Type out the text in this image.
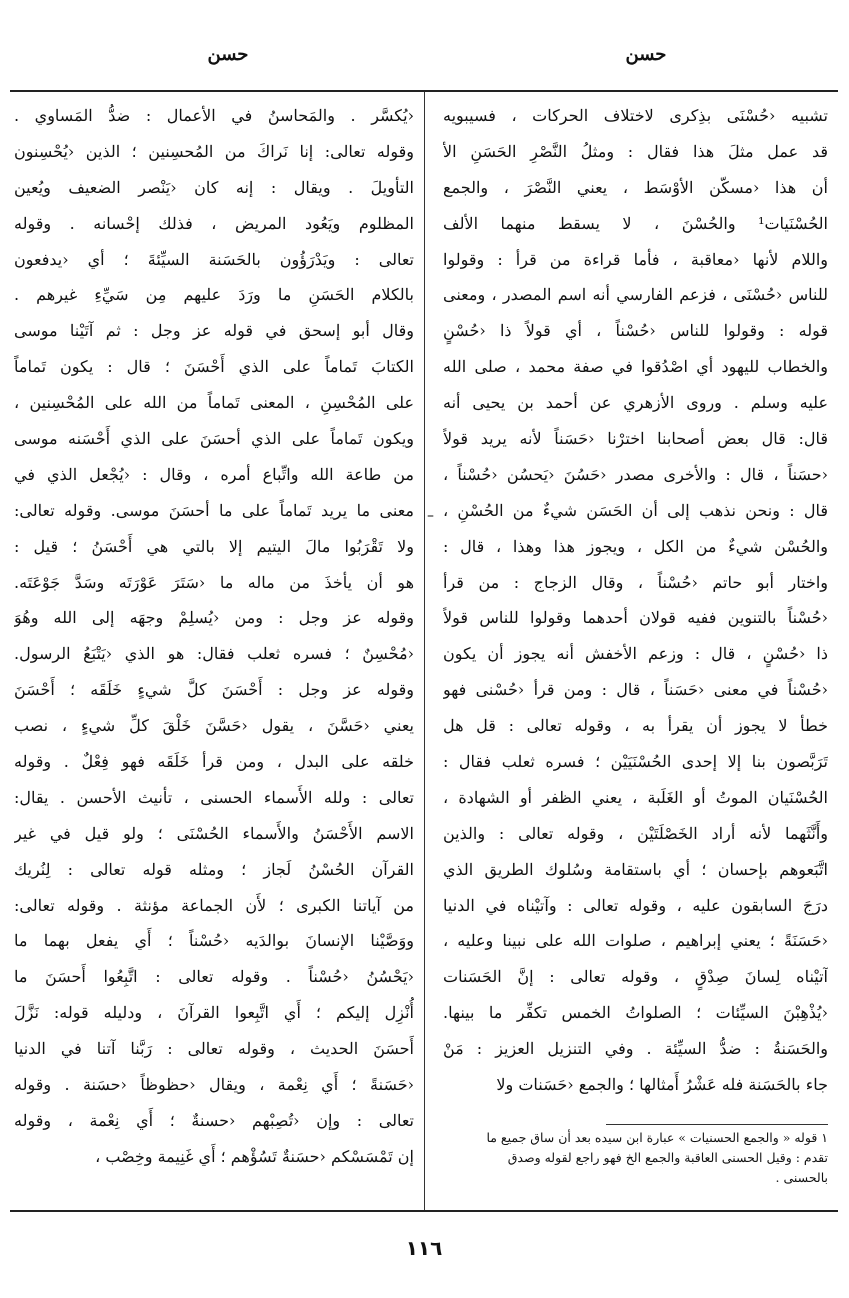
حسن
حسن
تشبيه ‹حُسْنَى بذِكرى لاختلاف الحركات ، فسيبويه
قد عمل مثلَ هذا فقال : ومثلُ النَّصْرِ الحَسَنِ الأ
أن هذا ‹مسكّن الأوْسَط ، يعني النَّصْرَ ، والجمع
الحُسْنَيات¹ والحُسْنَ ، لا يسقط منهما الألف
واللام لأنها ‹معاقبة ، فأما قراءة من قرأ : وقولوا
للناس ‹حُسْنَى ، فزعم الفارسي أنه اسم المصدر ، ومعنى
قوله : وقولوا للناس ‹حُسْناً ، أي قولاً ذا ‹حُسْنٍ
والخطاب لليهود أي اصْدُقوا في صفة محمد ، صلى الله
عليه وسلم . وروى الأزهري عن أحمد بن يحيى أنه
قال: قال بعض أصحابنا اخترْنا ‹حَسَناً لأنه يريد قولاً
‹حسَناً ، قال : والأخرى مصدر ‹حَسُنَ ‹يَحسُن ‹حُسْناً ،
قال : ونحن نذهب إلى أن الحَسَن شيءٌ من الحُسْنِ ،
والحُسْن شيءٌ من الكل ، ويجوز هذا وهذا ، قال :
واختار أبو حاتم ‹حُسْناً ، وقال الزجاج : من قرأ
‹حُسْناً بالتنوين ففيه قولان أحدهما وقولوا للناس قولاً
ذا ‹حُسْنٍ ، قال : وزعم الأخفش أنه يجوز أن يكون
‹حُسْناً في معنى ‹حَسَناً ، قال : ومن قرأ ‹حُسْنى فهو
خطأ لا يجوز أن يقرأ به ، وقوله تعالى : قل هل
تَرَبَّصون بنا إلا إحدى الحُسْنَيَيْن ؛ فسره ثعلب فقال :
الحُسْنَيان الموتُ أو الغَلَبة ، يعني الظفر أو الشهادة ،
وأَنَّثَهما لأنه أراد الخَصْلَتَيْن ، وقوله تعالى : والذين
اتَّبَعوهم بإحسان ؛ أي باستقامة وسُلوك الطريق الذي
درَجَ السابقون عليه ، وقوله تعالى : وآتيْناه في الدنيا
‹حَسَنَةً ؛ يعني إبراهيم ، صلوات الله على نبينا وعليه ،
آتيْناه لِسانَ صِدْقٍ ، وقوله تعالى : إنَّ الحَسَنات
‹يُذْهِبْنَ السيِّئات ؛ الصلواتُ الخمس تكفِّر ما بينها.
والحَسَنةُ : ضدُّ السيِّئة . وفي التنزيل العزيز : مَنْ
جاء بالحَسَنة فله عَشْرُ أَمثالها ؛ والجمع ‹حَسَنات ولا
‹يُكسَّر . والمَحاسنُ في الأعمال : ضدُّ المَساوي .
وقوله تعالى: إنا نَراكَ من المُحسِنين ؛ الذين ‹يُحْسِنون
التأويلَ . ويقال : إنه كان ‹يَنْصر الضعيف ويُعين
المظلوم ويَعُود المريض ، فذلك إحْسانه . وقوله
تعالى : ويَدْرَؤُون بالحَسَنة السيِّئةَ ؛ أي ‹يدفعون
بالكلام الحَسَنِ ما ورَدَ عليهم مِن سَيِّءِ غيرهم .
وقال أبو إسحق في قوله عز وجل : ثم آتَيْنا موسى
الكتابَ تَماماً على الذي أَحْسَنَ ؛ قال : يكون تَماماً
على المُحْسِنِ ، المعنى تَماماً من الله على المُحْسِنين ،
ويكون تَماماً على الذي أحسَنَ على الذي أَحْسَنه موسى
من طاعة الله واتِّباع أمره ، وقال : ‹يُجْعل الذي في
معنى ما يريد تَماماً على ما أحسَنَ موسى. وقوله تعالى:
ولا تَقْرَبُوا مالَ اليتيم إلا بالتي هي أَحْسَنُ ؛ قيل :
هو أن يأخذَ من ماله ما ‹سَتَرَ عَوْرَتَه وسَدَّ جَوْعَتَه.
وقوله عز وجل : ومن ‹يُسلِمْ وجهَه إلى الله وهُوَ
‹مُحْسِنٌ ؛ فسره ثعلب فقال: هو الذي ‹يَتْبَعُ الرسول.
وقوله عز وجل : أَحْسَنَ كلَّ شيءٍ خَلَقَه ؛ أَحْسَنَ
يعني ‹حَسَّنَ ، يقول ‹حَسَّنَ خَلْقَ كلِّ شيءٍ ، نصب
خلقه على البدل ، ومن قرأ خَلَقَه فهو فِعْلٌ . وقوله
تعالى : ولله الأَسماء الحسنى ، تأنيث الأحسن . يقال:
الاسم الأَحْسَنُ والأَسماء الحُسْنَى ؛ ولو قيل في غير
القرآن الحُسْنُ لَجاز ؛ ومثله قوله تعالى : لِنُريك
من آياتنا الكبرى ؛ لأَن الجماعة مؤنثة . وقوله تعالى:
ووَصَّيْنا الإنسانَ بوالدَيه ‹حُسْناً ؛ أَي يفعل بهما ما
‹يَحْسُنُ ‹حُسْناً . وقوله تعالى : اتَّبِعُوا أَحسَنَ ما
أُنْزِل إليكم ؛ أَي اتَّبِعوا القرآنَ ، ودليله قوله: نَزَّلَ
أَحسَنَ الحديث ، وقوله تعالى : رَبَّنا آتنا في الدنيا
‹حَسَنةً ؛ أَي نِعْمة ، ويقال ‹حظوظاً ‹حسَنة . وقوله
تعالى : وإن ‹تُصِبْهم ‹حسنةٌ ؛ أَي نِعْمة ، وقوله
إن تَمْسَسْكم ‹حسَنةٌ تَسُؤْهم ؛ أَي غَنِيمة وخِصْب ،
–
١ قوله « والجمع الحسنيات » عبارة ابن سيده بعد أن ساق جميع ما
تقدم : وقيل الحسنى العاقبة والجمع الخ فهو راجع لقوله وصدق
بالحسنى .
١١٦
